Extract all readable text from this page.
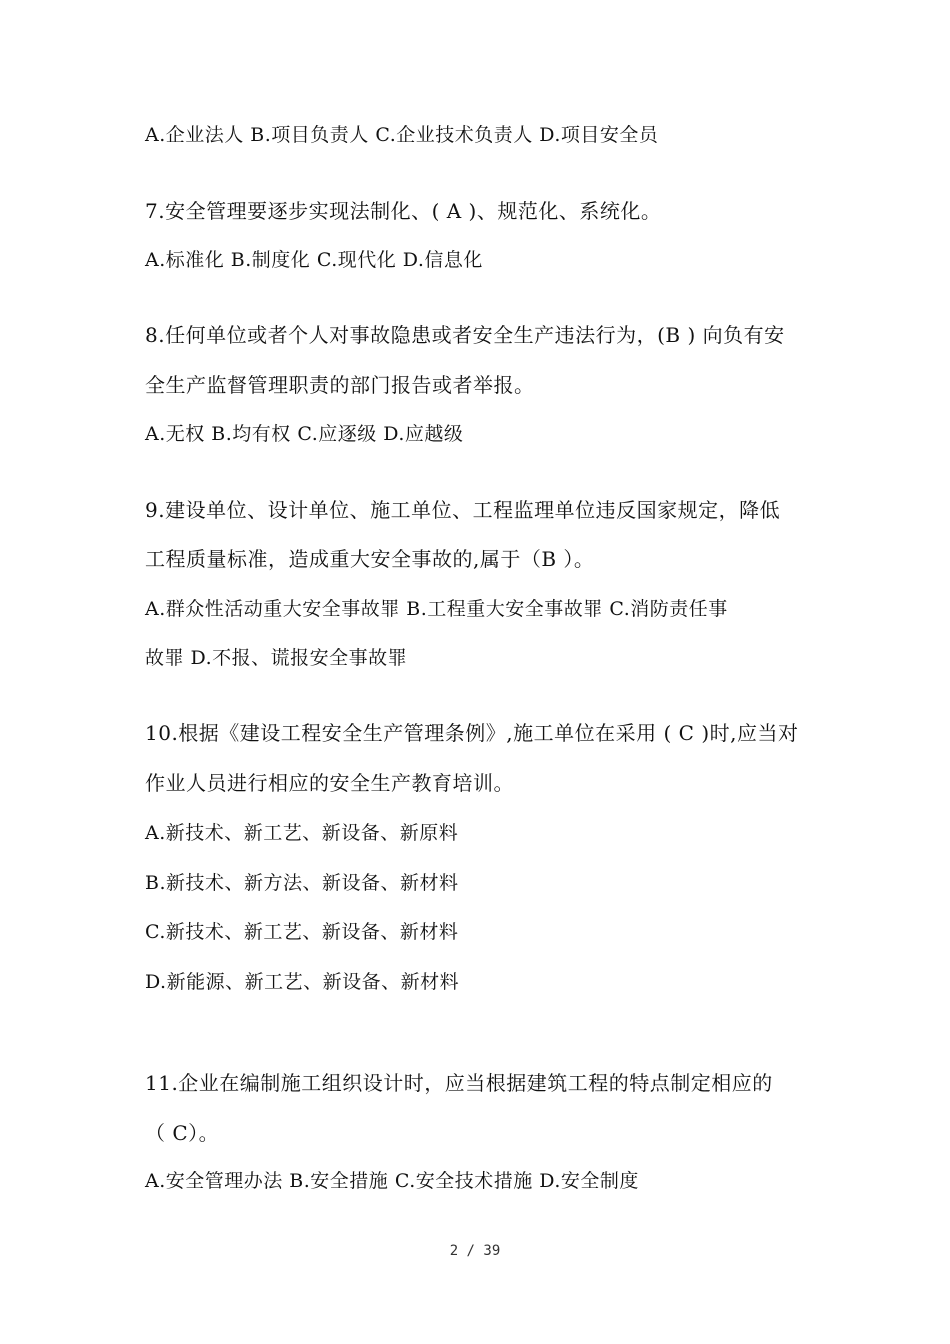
A.企业法人 B.项目负责人 C.企业技术负责人 D.项目安全员
7.安全管理要逐步实现法制化、( A )、规范化、系统化。
A.标准化 B.制度化 C.现代化 D.信息化
8.任何单位或者个人对事故隐患或者安全生产违法行为，(B ) 向负有安
全生产监督管理职责的部门报告或者举报。
A.无权 B.均有权 C.应逐级 D.应越级
9.建设单位、设计单位、施工单位、工程监理单位违反国家规定，降低
工程质量标准，造成重大安全事故的,属于（B ）。
A.群众性活动重大安全事故罪 B.工程重大安全事故罪 C.消防责任事
故罪 D.不报、谎报安全事故罪
10.根据《建设工程安全生产管理条例》,施工单位在采用 ( C )时,应当对
作业人员进行相应的安全生产教育培训。
A.新技术、新工艺、新设备、新原料
B.新技术、新方法、新设备、新材料
C.新技术、新工艺、新设备、新材料
D.新能源、新工艺、新设备、新材料
11.企业在编制施工组织设计时，应当根据建筑工程的特点制定相应的
（ C）。
A.安全管理办法 B.安全措施 C.安全技术措施 D.安全制度
2 / 39
